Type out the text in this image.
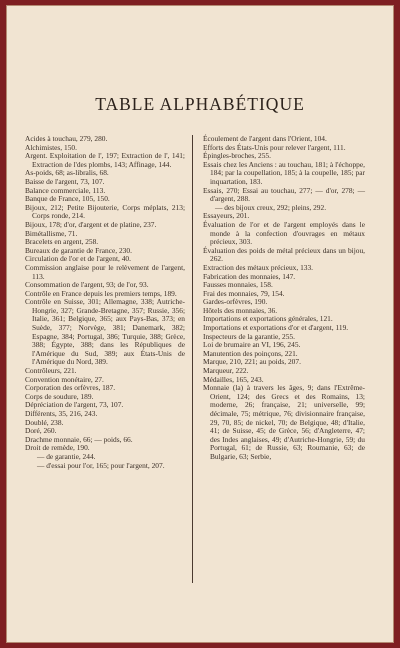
TABLE ALPHABÉTIQUE
Acides à touchau, 279, 280.
Alchimistes, 150.
Argent. Exploitation de l', 197; Extraction de l', 141; Extraction de l'des plombs, 143; Affinage, 144.
As-poids, 68; as-libralis, 68.
Baisse de l'argent, 73, 107.
Balance commerciale, 113.
Banque de France, 105, 150.
Bijoux, 212; Petite Bijouterie, Corps méplats, 213; Corps ronde, 214.
Bijoux, 178; d'or, d'argent et de platine, 237.
Bimétallisme, 71.
Bracelets en argent, 258.
Bureaux de garantie de France, 230.
Circulation de l'or et de l'argent, 40.
Commission anglaise pour le relèvement de l'argent, 113.
Consommation de l'argent, 93; de l'or, 93.
Contrôle en France depuis les premiers temps, 189.
Contrôle en Suisse, 301; Allemagne, 338; Autriche-Hongrie, 327; Grande-Bretagne, 357; Russie, 356; Italie, 361; Belgique, 365; aux Pays-Bas, 373; en Suède, 377; Norvège, 381; Danemark, 382; Espagne, 384; Portugal, 386; Turquie, 388; Grèce, 388; Égypte, 388; dans les Républiques de l'Amérique du Sud, 389; aux États-Unis de l'Amérique du Nord, 389.
Contrôleurs, 221.
Convention monétaire, 27.
Corporation des orfèvres, 187.
Corps de soudure, 189.
Dépréciation de l'argent, 73, 107.
Différents, 35, 216, 243.
Doublé, 238.
Doré, 260.
Drachme monnaie, 66; — poids, 66.
Droit de remède, 190.
— de garantie, 244.
— d'essai pour l'or, 165; pour l'argent, 207.
Écoulement de l'argent dans l'Orient, 104.
Efforts des États-Unis pour relever l'argent, 111.
Épingles-broches, 255.
Essais chez les Anciens : au touchau, 181; à l'échoppe, 184; par la coupellation, 185; à la coupelle, 185; par inquartation, 183.
Essais, 270; Essai au touchau, 277; — d'or, 278; — d'argent, 288.
— des bijoux creux, 292; pleins, 292.
Essayeurs, 201.
Évaluation de l'or et de l'argent employés dans le monde à la confection d'ouvrages en métaux précieux, 303.
Évaluation des poids de métal précieux dans un bijou, 262.
Extraction des métaux précieux, 133.
Fabrication des monnaies, 147.
Fausses monnaies, 158.
Frai des monnaies, 79, 154.
Gardes-orfèvres, 190.
Hôtels des monnaies, 36.
Importations et exportations générales, 121.
Importations et exportations d'or et d'argent, 119.
Inspecteurs de la garantie, 255.
Loi de brumaire an VI, 196, 245.
Manutention des poinçons, 221.
Marque, 210, 221; au poids, 207.
Marqueur, 222.
Médailles, 165, 243.
Monnaie (la) à travers les âges, 9; dans l'Extrême-Orient, 124; des Grecs et des Romains, 13; moderne, 26; française, 21; universelle, 99; décimale, 75; métrique, 76; divisionnaire française, 29, 70, 85; de nickel, 70; de Belgique, 48; d'Italie, 41; de Suisse, 45; de Grèce, 56; d'Angleterre, 47; des Indes anglaises, 49; d'Autriche-Hongrie, 59; du Portugal, 61; de Russie, 63; Roumanie, 63; de Bulgarie, 63; Serbie,
